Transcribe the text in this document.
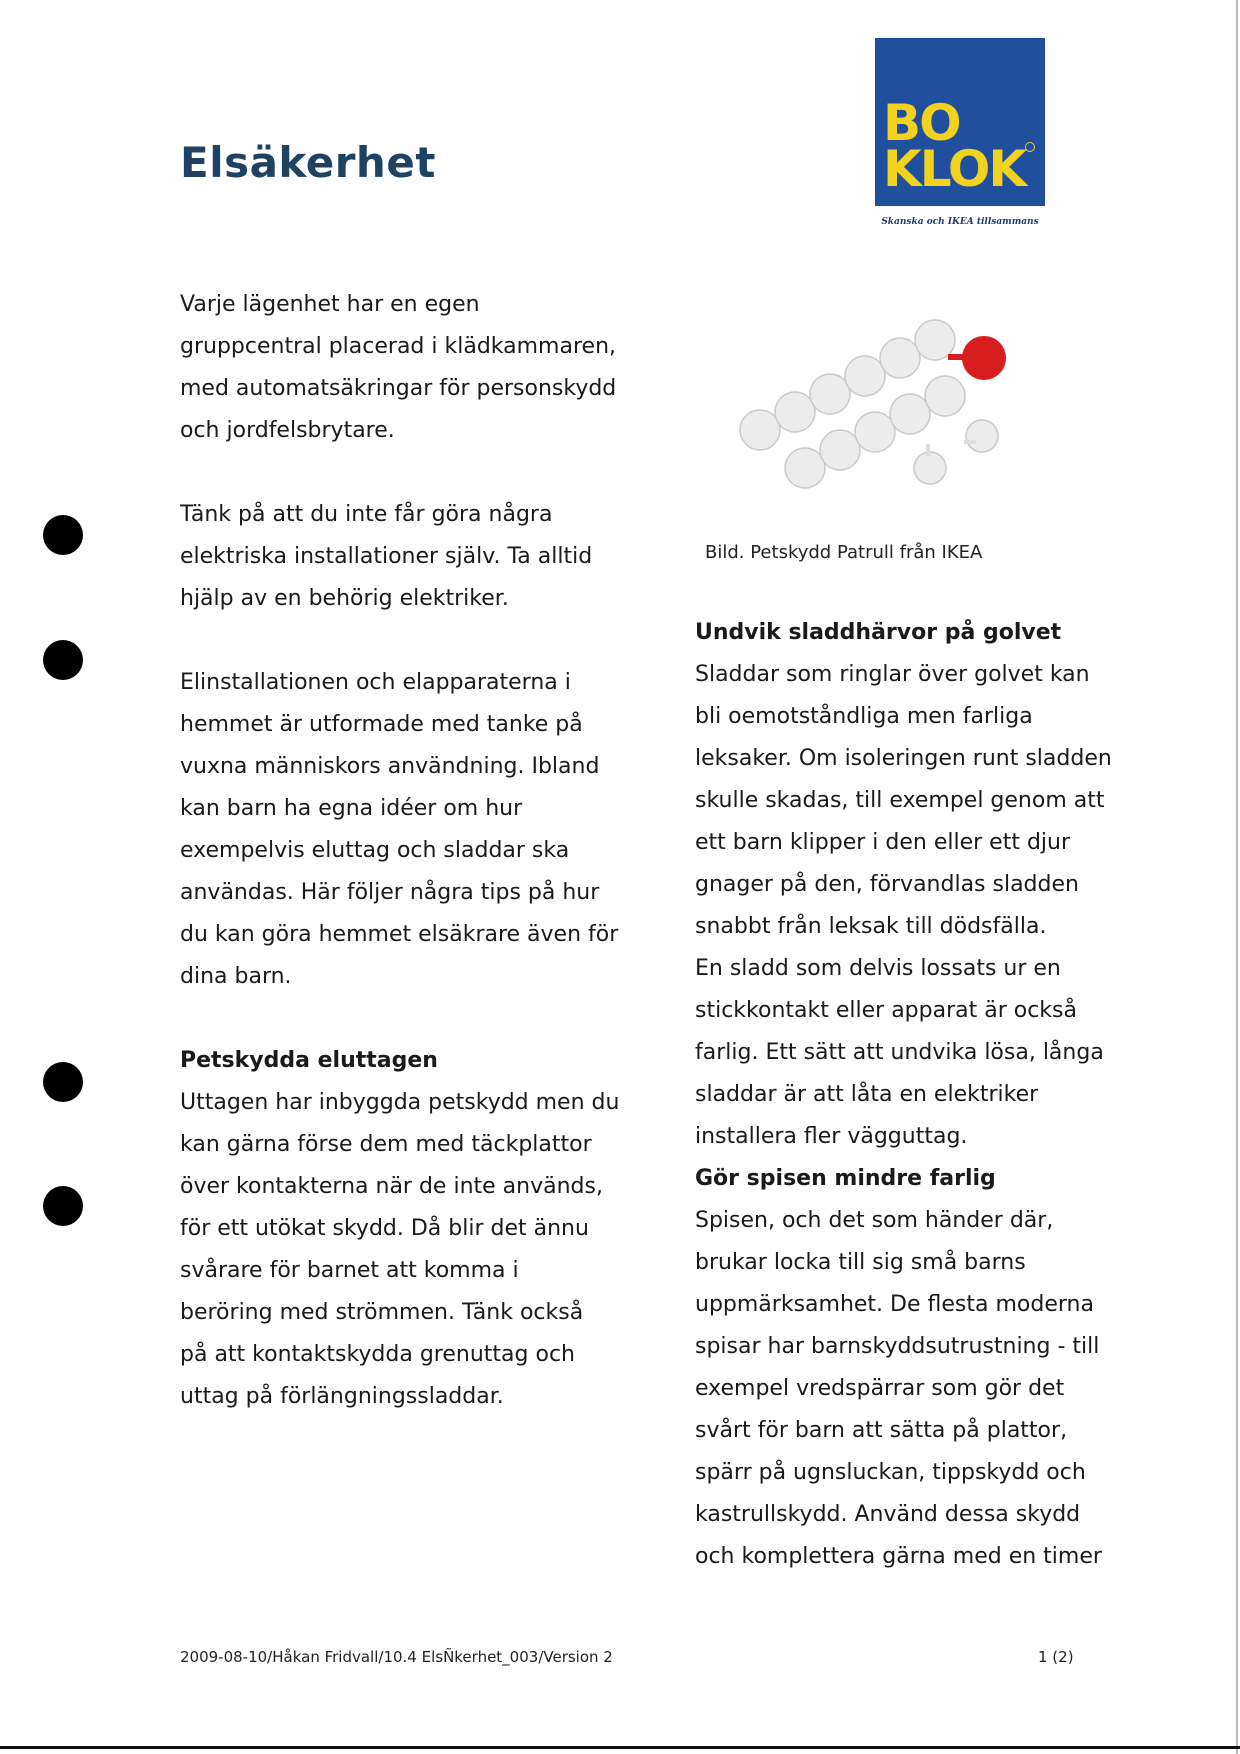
Elsäkerhet
BO
KLOK
Skanska och IKEA tillsammans

Varje lägenhet har en egen

gruppcentral placerad i klädkammaren,

med automatsäkringar för personskydd

och jordfelsbrytare.

Tänk på att du inte får göra några

elektriska installationer själv. Ta alltid

hjälp av en behörig elektriker.

Elinstallationen och elapparaterna i

hemmet är utformade med tanke på

vuxna människors användning. Ibland

kan barn ha egna idéer om hur

exempelvis eluttag och sladdar ska

användas. Här följer några tips på hur

du kan göra hemmet elsäkrare även för

dina barn.

Petskydda eluttagen

Uttagen har inbyggda petskydd men du

kan gärna förse dem med täckplattor

över kontakterna när de inte används,

för ett utökat skydd. Då blir det ännu

svårare för barnet att komma i

beröring med strömmen. Tänk också

på att kontaktskydda grenuttag och

uttag på förlängningssladdar.

Bild. Petskydd Patrull från IKEA

Undvik sladdhärvor på golvet

Sladdar som ringlar över golvet kan

bli oemotståndliga men farliga

leksaker. Om isoleringen runt sladden

skulle skadas, till exempel genom att

ett barn klipper i den eller ett djur

gnager på den, förvandlas sladden

snabbt från leksak till dödsfälla.

En sladd som delvis lossats ur en

stickkontakt eller apparat är också

farlig. Ett sätt att undvika lösa, långa

sladdar är att låta en elektriker

installera fler vägguttag.

Gör spisen mindre farlig

Spisen, och det som händer där,

brukar locka till sig små barns

uppmärksamhet. De flesta moderna

spisar har barnskyddsutrustning - till

exempel vredspärrar som gör det

svårt för barn att sätta på plattor,

spärr på ugnsluckan, tippskydd och

kastrullskydd. Använd dessa skydd

och komplettera gärna med en timer

2009-08-10/Håkan Fridvall/10.4 ElsÑkerhet_003/Version 2	1 (2)
